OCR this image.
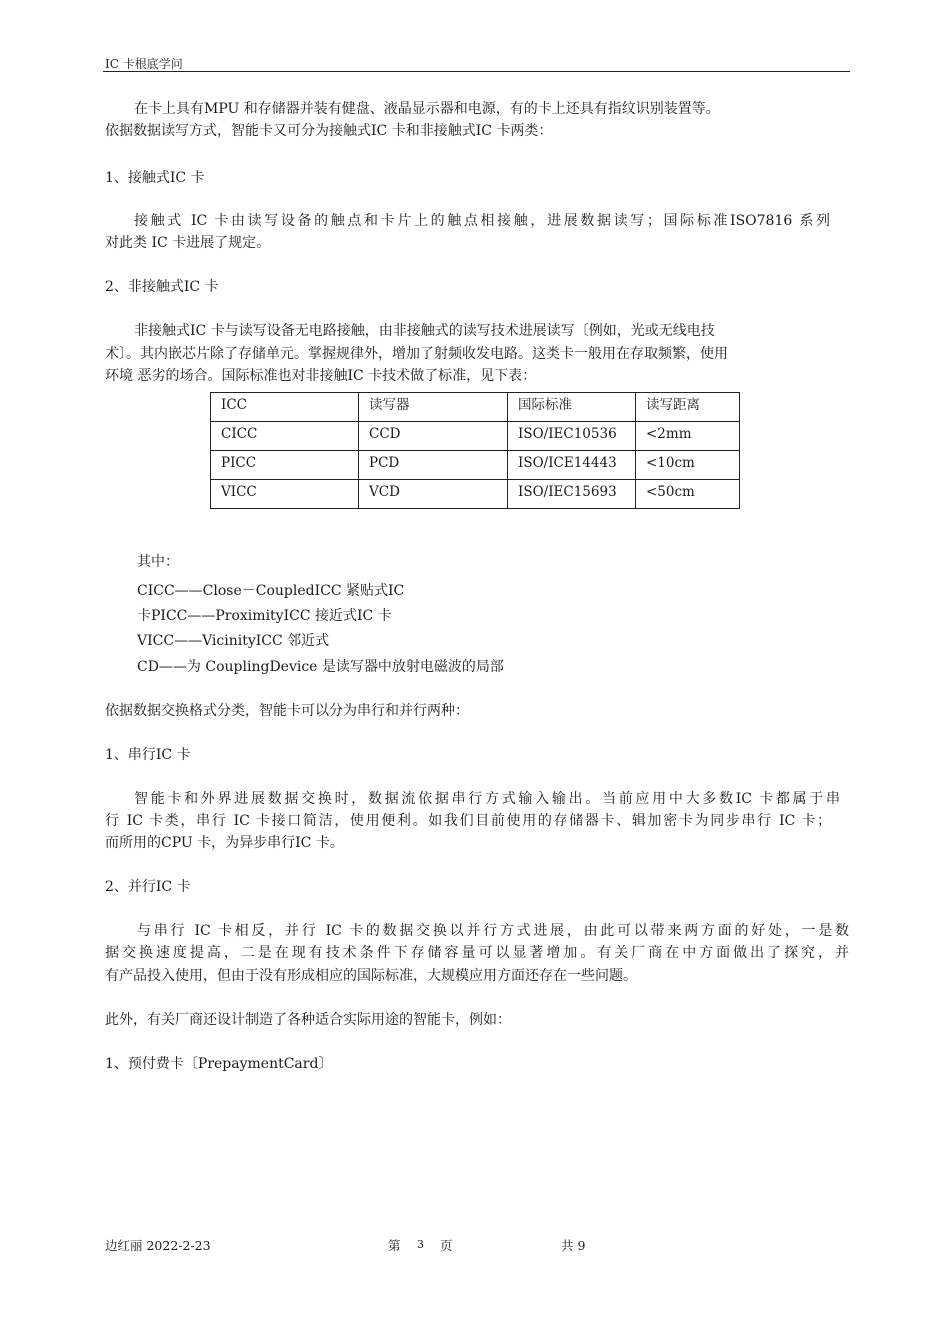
IC 卡根底学问
在卡上具有MPU 和存储器并装有健盘、液晶显示器和电源，有的卡上还具有指纹识别装置等。
依据数据读写方式，智能卡又可分为接触式IC 卡和非接触式IC 卡两类：
1、接触式IC 卡
接触式 IC 卡由读写设备的触点和卡片上的触点相接触，进展数据读写；国际标准ISO7816 系列
对此类 IC 卡进展了规定。
2、非接触式IC 卡
非接触式IC 卡与读写设备无电路接触，由非接触式的读写技术进展读写〔例如，光或无线电技
术〕。其内嵌芯片除了存储单元。掌握规律外，增加了射频收发电路。这类卡一般用在存取频繁，使用
环境 恶劣的场合。国际标准也对非接触IC 卡技术做了标准，见下表：
ICC	读写器	国际标准	读写距离
CICC	CCD	ISO/IEC10536	<2mm
PICC	PCD	ISO/ICE14443	<10cm
VICC	VCD	ISO/IEC15693	<50cm
其中：
CICC——Close－CoupledICC 紧贴式IC
卡PICC——ProximityICC 接近式IC 卡
VICC——VicinityICC 邻近式
CD——为 CouplingDevice 是读写器中放射电磁波的局部
依据数据交换格式分类，智能卡可以分为串行和并行两种：
1、串行IC 卡
智能卡和外界进展数据交换时，数据流依据串行方式输入输出。当前应用中大多数IC 卡都属于串
行 IC 卡类，串行 IC 卡接口简洁，使用便利。如我们目前使用的存储器卡、辑加密卡为同步串行 IC 卡；
而所用的CPU 卡，为异步串行IC 卡。
2、并行IC 卡
与串行 IC 卡相反，并行 IC 卡的数据交换以并行方式进展，由此可以带来两方面的好处，一是数
据交换速度提高，二是在现有技术条件下存储容量可以显著增加。有关厂商在中方面做出了探究，并
有产品投入使用，但由于没有形成相应的国际标准，大规模应用方面还存在一些问题。
此外，有关厂商还设计制造了各种适合实际用途的智能卡，例如：
1、预付费卡〔PrepaymentCard〕
边红丽 2022-2-23	第 3 页	共 9
